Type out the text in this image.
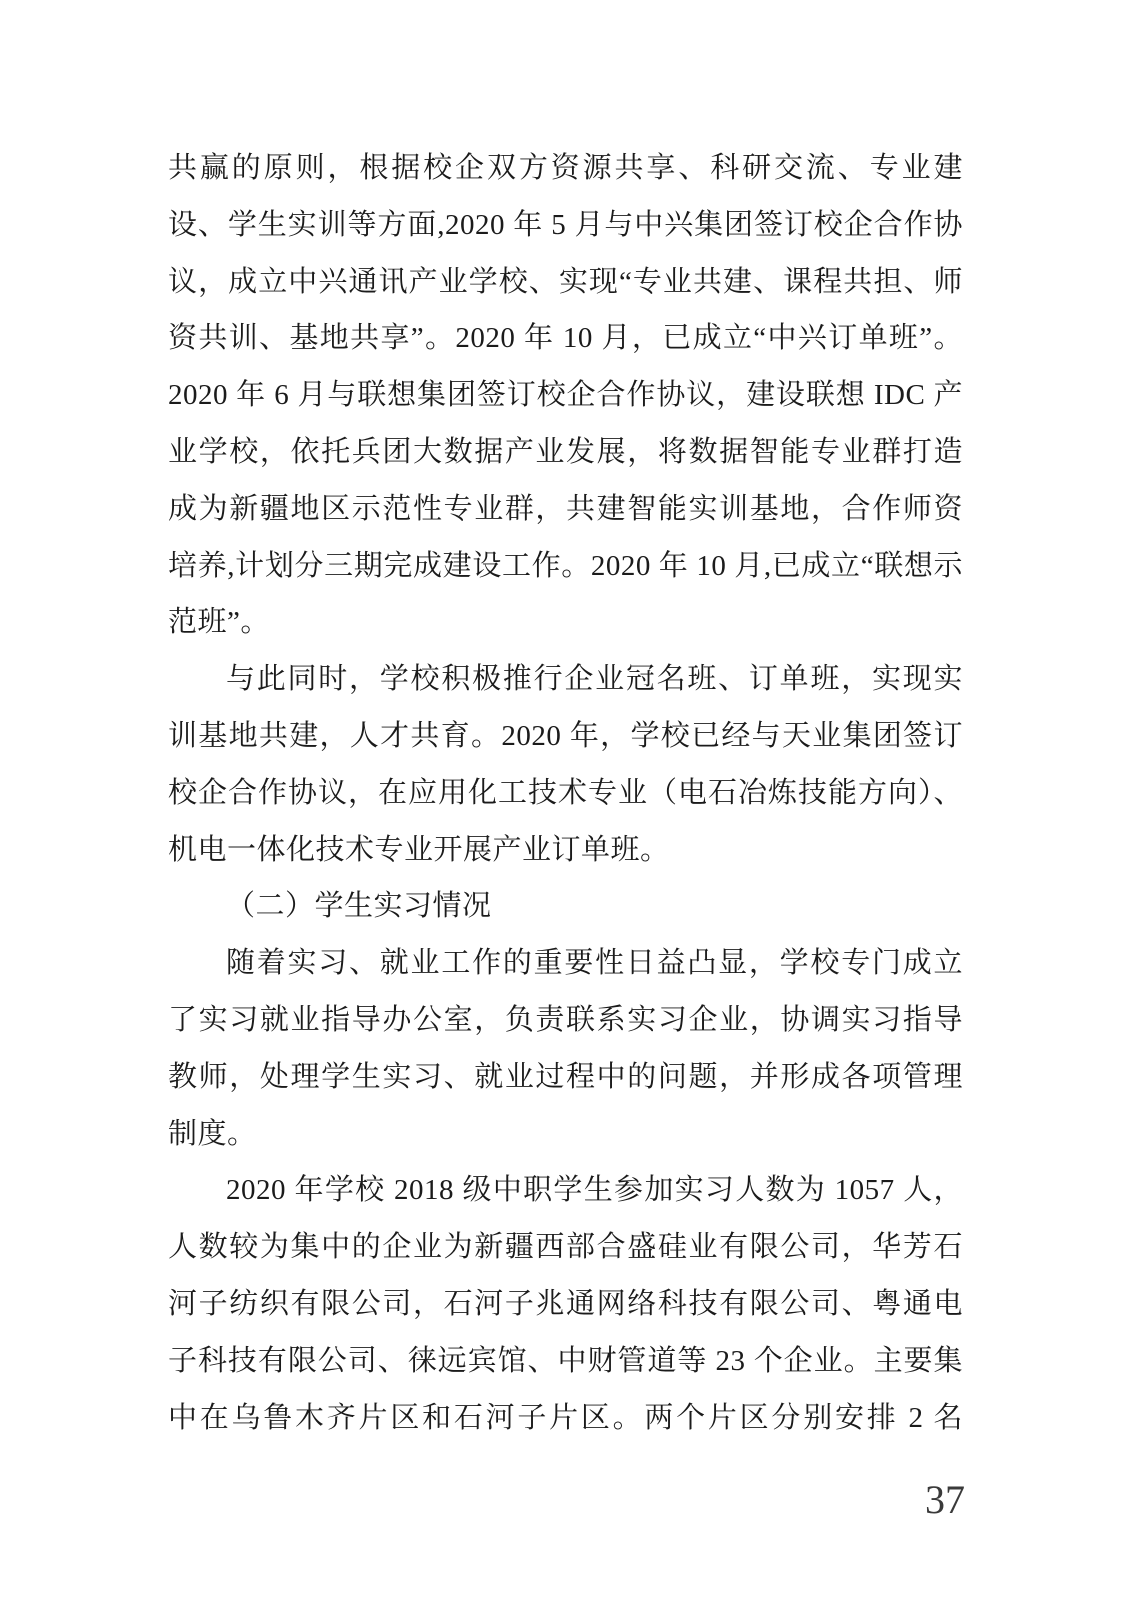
共赢的原则，根据校企双方资源共享、科研交流、专业建设、学生实训等方面,2020 年 5 月与中兴集团签订校企合作协议，成立中兴通讯产业学校、实现“专业共建、课程共担、师资共训、基地共享”。2020 年 10 月，已成立“中兴订单班”。2020 年 6 月与联想集团签订校企合作协议，建设联想 IDC 产业学校，依托兵团大数据产业发展，将数据智能专业群打造成为新疆地区示范性专业群，共建智能实训基地，合作师资培养,计划分三期完成建设工作。2020 年 10 月,已成立“联想示范班”。

与此同时，学校积极推行企业冠名班、订单班，实现实训基地共建，人才共育。2020 年，学校已经与天业集团签订校企合作协议，在应用化工技术专业（电石冶炼技能方向）、机电一体化技术专业开展产业订单班。

（二）学生实习情况

随着实习、就业工作的重要性日益凸显，学校专门成立了实习就业指导办公室，负责联系实习企业，协调实习指导教师，处理学生实习、就业过程中的问题，并形成各项管理制度。

2020 年学校 2018 级中职学生参加实习人数为 1057 人，人数较为集中的企业为新疆西部合盛硅业有限公司，华芳石河子纺织有限公司，石河子兆通网络科技有限公司、粤通电子科技有限公司、徕远宾馆、中财管道等 23 个企业。主要集中在乌鲁木齐片区和石河子片区。两个片区分别安排 2 名

37
